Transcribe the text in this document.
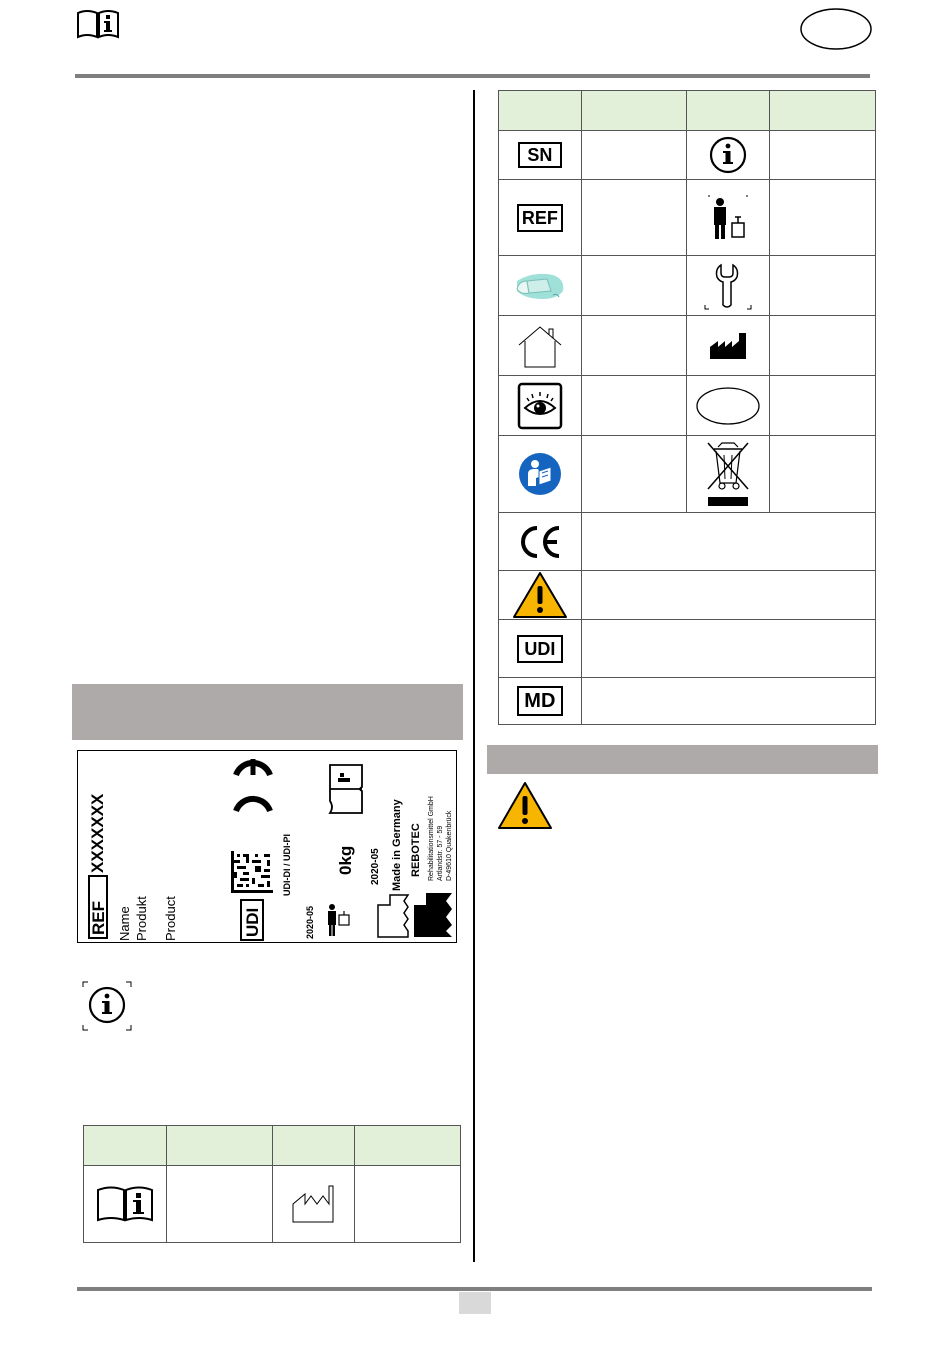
REF
XXXXXXX
Name Produkt Product	UDI
UDI-DI / UDI-PI
2020-05
0kg 2020-05 Made in Germany REBOTEC Rehabilitationsmittel GmbH Artlandstr. 57 - 59 D-49610 Quakenbrück

SN

REF

UDI			

MD			
